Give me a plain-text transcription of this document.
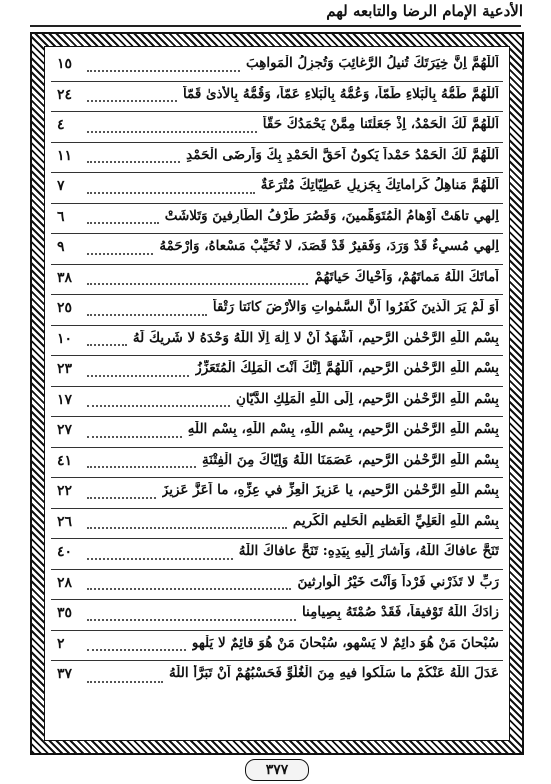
الأدعية الإمام الرضا والتابعه لهم
اَللّٰهُمَّ اِنَّ خِيَرَتَكَ تُنيلُ الرَّغائِبَ وَتُجزِلُ الْمَواهِبَ
١٥
اَللّٰهُمَّ طَمُّهُ بِالْبَلاءِ طَمّاً، وَعُمُّهُ بِالْبَلاءِ عَمّاً، وَقُمُّهُ بِالأَذىٰ قَمّاً
٢٤
اَللّٰهُمَّ لَكَ الْحَمْدُ، اِذْ جَعَلْتَنا مِمَّنْ يَحْمَدُكَ حَقّاً
٤
اَللّٰهُمَّ لَكَ الْحَمْدُ حَمْداً يَكونُ اَحَقَّ الْحَمْدِ بِكَ وَاَرضَى الْحَمْدِ
١١
اَللّٰهُمَّ مَناهِلُ كَراماتِكَ بِجَزيلِ عَطِيّاتِكَ مُتْرَعَةٌ
٧
اِلهي تاهَتْ اَوْهامُ الْمُتَوَهِّمينَ، وَقَصُرَ طَرْفُ الطّارِفينَ وَتَلاشَتْ
٦
اِلهي مُسيءٌ قَدْ وَرَدَ، وَفَقيرٌ قَدْ قَصَدَ، لا تُخَيِّبْ مَسْعاهُ، وَارْحَمْهُ
٩
اَماتَكَ اللّٰهُ مَماتَهُمْ، وَاَحْياكَ حَياتَهُمْ
٣٨
اَوَ لَمْ يَرَ الَّذينَ كَفَرُوا اَنَّ السَّمٰواتِ وَالأَرْضَ كانَتا رَتْقاً
٢٥
بِسْمِ اللّٰهِ الرَّحْمٰنِ الرَّحيمِ، اَشْهَدُ اَنْ لا اِلٰهَ اِلَّا اللّٰهُ وَحْدَهُ لا شَريكَ لَهُ
١٠
بِسْمِ اللّٰهِ الرَّحْمٰنِ الرَّحيمِ، اَللّٰهُمَّ اِنَّكَ اَنْتَ الْمَلِكُ الْمُتَعَزِّزُ
٢٣
بِسْمِ اللّٰهِ الرَّحْمٰنِ الرَّحيمِ، اِلَى اللّٰهِ الْمَلِكِ الدَّيّانِ
١٧
بِسْمِ اللّٰهِ الرَّحْمٰنِ الرَّحيمِ، بِسْمِ اللّٰهِ، بِسْمِ اللّٰهِ، بِسْمِ اللّٰهِ
٢٧
بِسْمِ اللّٰهِ الرَّحْمٰنِ الرَّحيمِ، عَصَمَنَا اللّٰهُ وَاِيّاكَ مِنَ الْفِتْنَةِ
٤١
بِسْمِ اللّٰهِ الرَّحْمٰنِ الرَّحيمِ، يا عَزيزَ الْعِزِّ في عِزِّهِ، ما اَعَزَّ عَزيزَ
٢٢
بِسْمِ اللّٰهِ الْعَلِيِّ الْعَظيمِ الْحَليمِ الْكَريمِ
٢٦
تَنَحَّ عافاكَ اللّٰهُ، وَاَشارَ اِلَيهِ بِيَدِهِ: تَنَحَّ عافاكَ اللّٰهُ
٤٠
رَبِّ لا تَذَرْني فَرْداً وَاَنْتَ خَيْرُ الْوارِثينَ
٢٨
زادَكَ اللّٰهُ تَوْفيقاً، فَقَدْ صُمْتَهُ بِصِيامِنا
٣٥
سُبْحانَ مَنْ هُوَ دائِمٌ لا يَسْهو، سُبْحانَ مَنْ هُوَ قائِمٌ لا يَلْهو
٢
عَدَلَ اللّٰهُ عَنْكُمْ ما سَلَكوا فيهِ مِنَ الْغُلُوِّ فَحَسْبُهُمْ اَنْ تَبَرَّأَ اللّٰهُ
٣٧
٣٧٧
